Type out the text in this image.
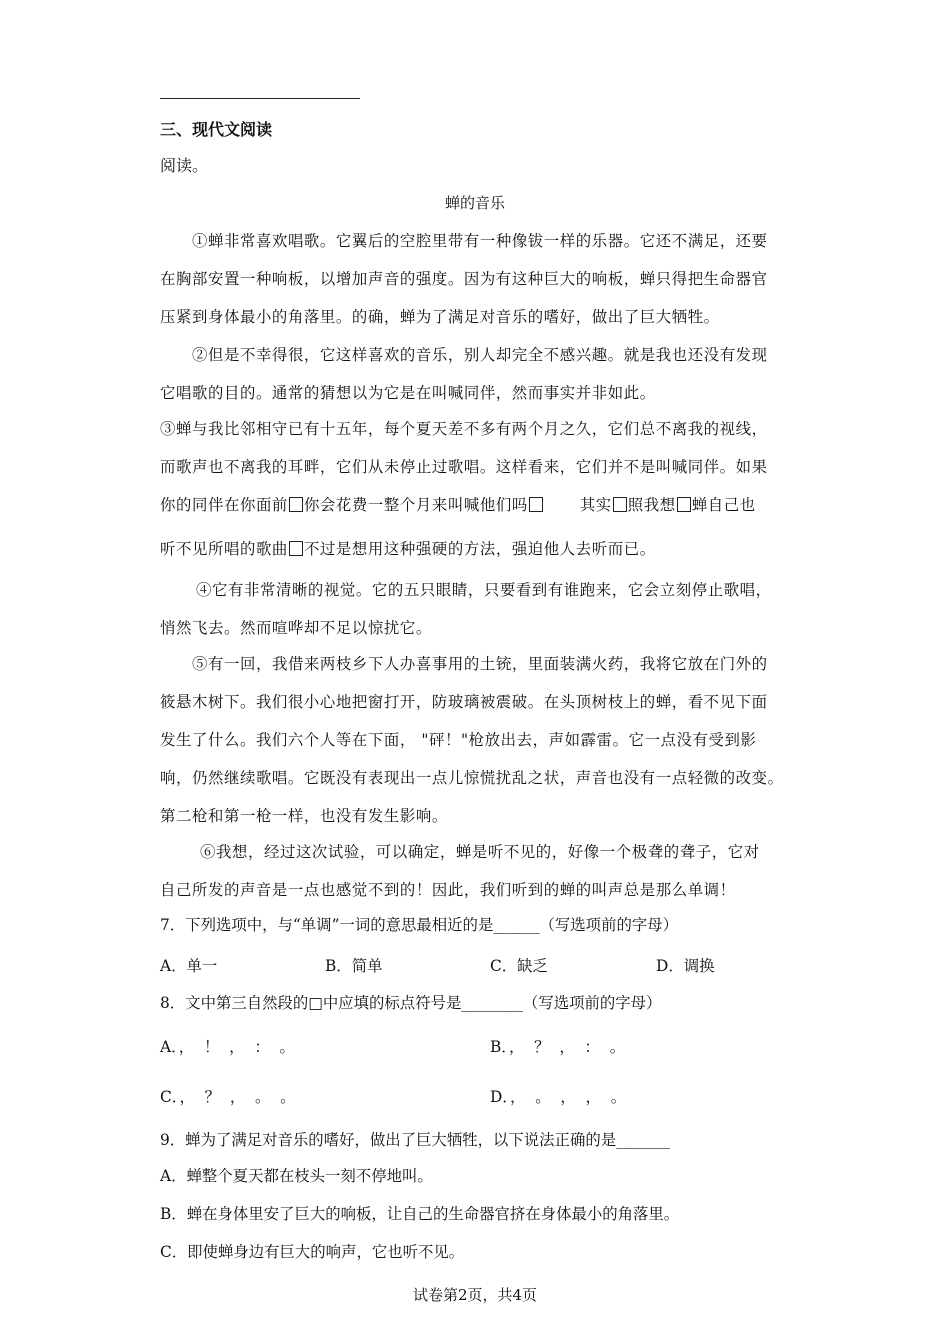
三、现代文阅读
阅读。
蝉的音乐
①蝉非常喜欢唱歌。它翼后的空腔里带有一种像钹一样的乐器。它还不满足，还要
在胸部安置一种响板，以增加声音的强度。因为有这种巨大的响板，蝉只得把生命器官
压紧到身体最小的角落里。的确，蝉为了满足对音乐的嗜好，做出了巨大牺牲。
②但是不幸得很，它这样喜欢的音乐，别人却完全不感兴趣。就是我也还没有发现
它唱歌的目的。通常的猜想以为它是在叫喊同伴，然而事实并非如此。
③蝉与我比邻相守已有十五年，每个夏天差不多有两个月之久，它们总不离我的视线，
而歌声也不离我的耳畔，它们从未停止过歌唱。这样看来，它们并不是叫喊同伴。如果
你的同伴在你面前 你会花费一整个月来叫喊他们吗	其实 照我想 蝉自己也
听不见所唱的歌曲 不过是想用这种强硬的方法，强迫他人去听而已。
④它有非常清晰的视觉。它的五只眼睛，只要看到有谁跑来，它会立刻停止歌唱，
悄然飞去。然而喧哗却不足以惊扰它。
⑤有一回，我借来两枝乡下人办喜事用的土铳，里面装满火药，我将它放在门外的
筱悬木树下。我们很小心地把窗打开，防玻璃被震破。在头顶树枝上的蝉，看不见下面
发生了什么。我们六个人等在下面， "砰！"枪放出去，声如霹雷。它一点没有受到影
响，仍然继续歌唱。它既没有表现出一点儿惊慌扰乱之状，声音也没有一点轻微的改变。
第二枪和第一枪一样，也没有发生影响。
⑥我想，经过这次试验，可以确定，蝉是听不见的，好像一个极聋的聋子，它对
自己所发的声音是一点也感觉不到的！因此，我们听到的蝉的叫声总是那么单调！
7．下列选项中，与“单调”一词的意思最相近的是______（写选项前的字母）
A．单一	B．简单	C．缺乏	D．调换
8．文中第三自然段的□中应填的标点符号是________（写选项前的字母）
A．，  ！  ，  ：  。	B．，  ？  ，  ：  。
C．，  ？  ，  。  。	D．，  。  ，  ，  。
9．蝉为了满足对音乐的嗜好，做出了巨大牺牲，以下说法正确的是_______
A．蝉整个夏天都在枝头一刻不停地叫。
B．蝉在身体里安了巨大的响板，让自己的生命器官挤在身体最小的角落里。
C．即使蝉身边有巨大的响声，它也听不见。
试卷第2页，共4页
